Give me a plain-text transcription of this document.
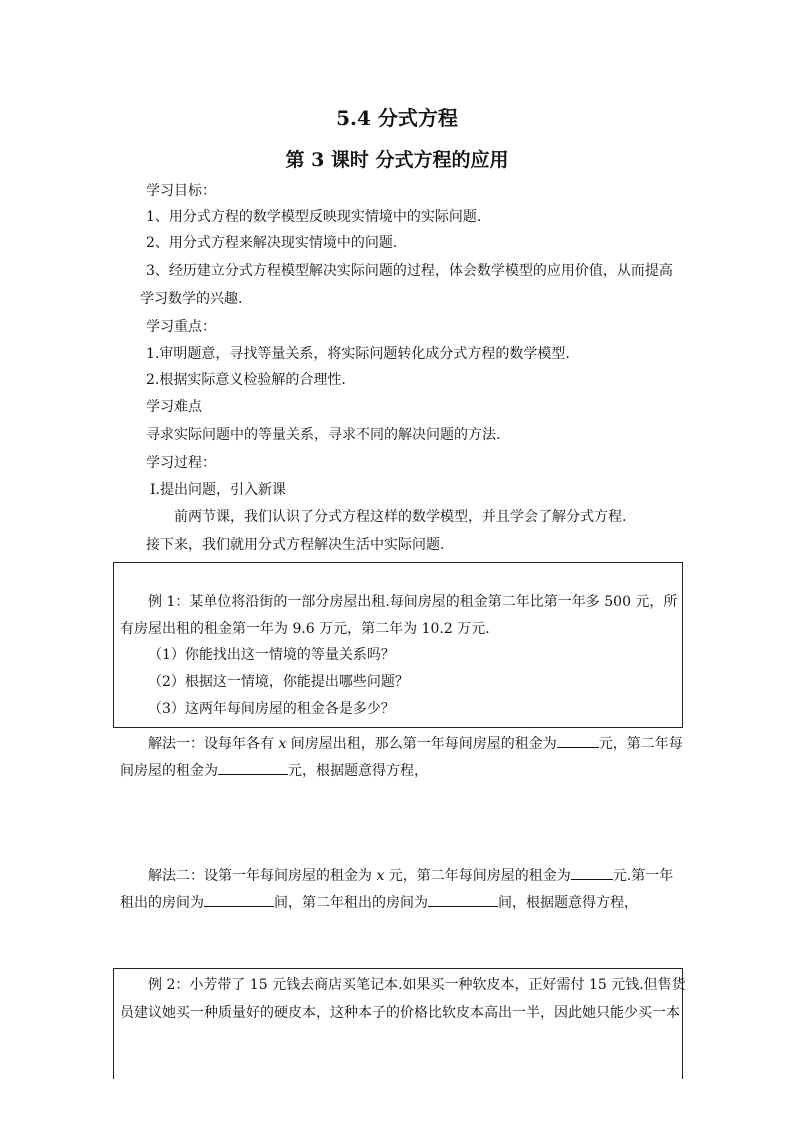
5.4 分式方程
第 3 课时 分式方程的应用
学习目标：
1、用分式方程的数学模型反映现实情境中的实际问题.
2、用分式方程来解决现实情境中的问题.
3、经历建立分式方程模型解决实际问题的过程，体会数学模型的应用价值，从而提高
学习数学的兴趣.
学习重点：
1.审明题意，寻找等量关系，将实际问题转化成分式方程的数学模型.
2.根据实际意义检验解的合理性.
学习难点
寻求实际问题中的等量关系，寻求不同的解决问题的方法.
学习过程：
Ⅰ.提出问题，引入新课
前两节课，我们认识了分式方程这样的数学模型，并且学会了解分式方程.
接下来，我们就用分式方程解决生活中实际问题.
例 1：某单位将沿街的一部分房屋出租.每间房屋的租金第二年比第一年多 500 元，所
有房屋出租的租金第一年为 9.6 万元，第二年为 10.2 万元.
（1）你能找出这一情境的等量关系吗？
（2）根据这一情境，你能提出哪些问题？
（3）这两年每间房屋的租金各是多少？
解法一：设每年各有 x 间房屋出租，那么第一年每间房屋的租金为	元，第二年每
间房屋的租金为	元，根据题意得方程，
解法二：设第一年每间房屋的租金为 x 元，第二年每间房屋的租金为	元.第一年
租出的房间为	间，第二年租出的房间为	间，根据题意得方程，
例 2：小芳带了 15 元钱去商店买笔记本.如果买一种软皮本，正好需付 15 元钱.但售货
员建议她买一种质量好的硬皮本，这种本子的价格比软皮本高出一半，因此她只能少买一本
